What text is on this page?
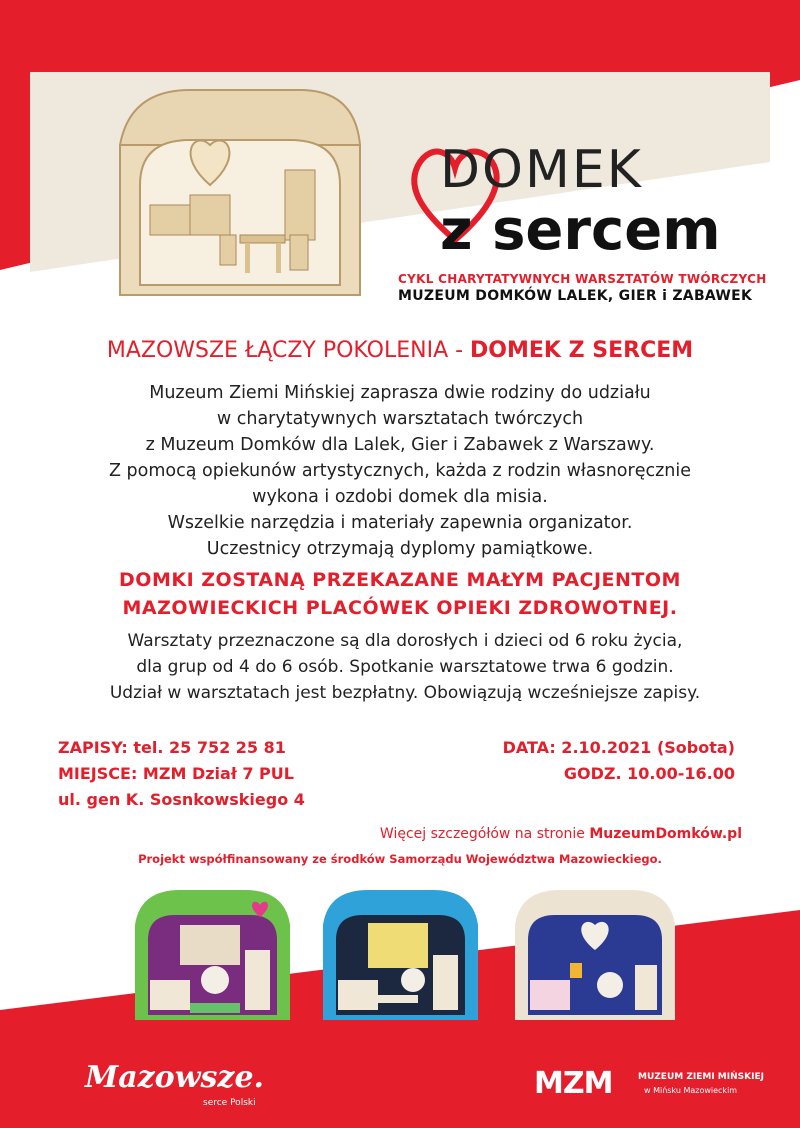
DOMEK
z sercem
CYKL CHARYTATYWNYCH WARSZTATÓW TWÓRCZYCH
MUZEUM DOMKÓW LALEK, GIER i ZABAWEK
MAZOWSZE ŁĄCZY POKOLENIA - DOMEK Z SERCEM

Muzeum Ziemi Mińskiej zaprasza dwie rodziny do udziału

w charytatywnych warsztatach twórczych

z Muzeum Domków dla Lalek, Gier i Zabawek z Warszawy.

Z pomocą opiekunów artystycznych, każda z rodzin własnoręcznie

wykona i ozdobi domek dla misia.

Wszelkie narzędzia i materiały zapewnia organizator.

Uczestnicy otrzymają dyplomy pamiątkowe.

DOMKI ZOSTANĄ PRZEKAZANE MAŁYM PACJENTOM

MAZOWIECKICH PLACÓWEK OPIEKI ZDROWOTNEJ.

Warsztaty przeznaczone są dla dorosłych i dzieci od 6 roku życia,

dla grup od 4 do 6 osób. Spotkanie warsztatowe trwa 6 godzin.

Udział w warsztatach jest bezpłatny. Obowiązują wcześniejsze zapisy.

ZAPISY: tel. 25 752 25 81

MIEJSCE: MZM Dział 7 PUL

ul. gen K. Sosnkowskiego 4

DATA: 2.10.2021 (Sobota)

GODZ. 10.00-16.00

Więcej szczegółów na stronie MuzeumDomków.pl
Projekt współfinansowany ze środków Samorządu Województwa Mazowieckiego.
Mazowsze.
serce Polski
MZM	MUZEUM ZIEMI MIŃSKIEJ
w Mińsku Mazowieckim
